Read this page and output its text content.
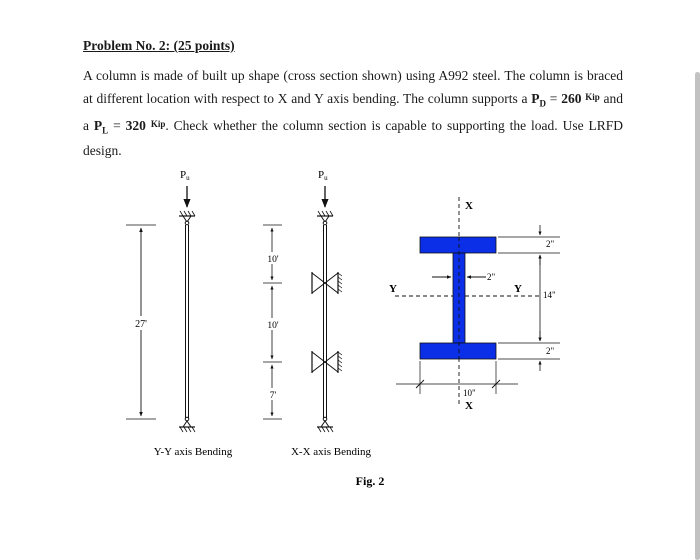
Problem No. 2: (25 points)
A column is made of built up shape (cross section shown) using A992 steel. The column is braced at different location with respect to X and Y axis bending. The column supports a $P_D = 260$ $^{Kip}$ and a $P_L = 320$ $^{Kip}$. Check whether the column section is capable to supporting the load. Use LRFD design.
Pu
27'
Y-Y axis Bending
Pu
10'
10'
7'
X-X axis Bending
X
X
Y	Y
2"
2"
14"
2"
10"
Fig. 2
